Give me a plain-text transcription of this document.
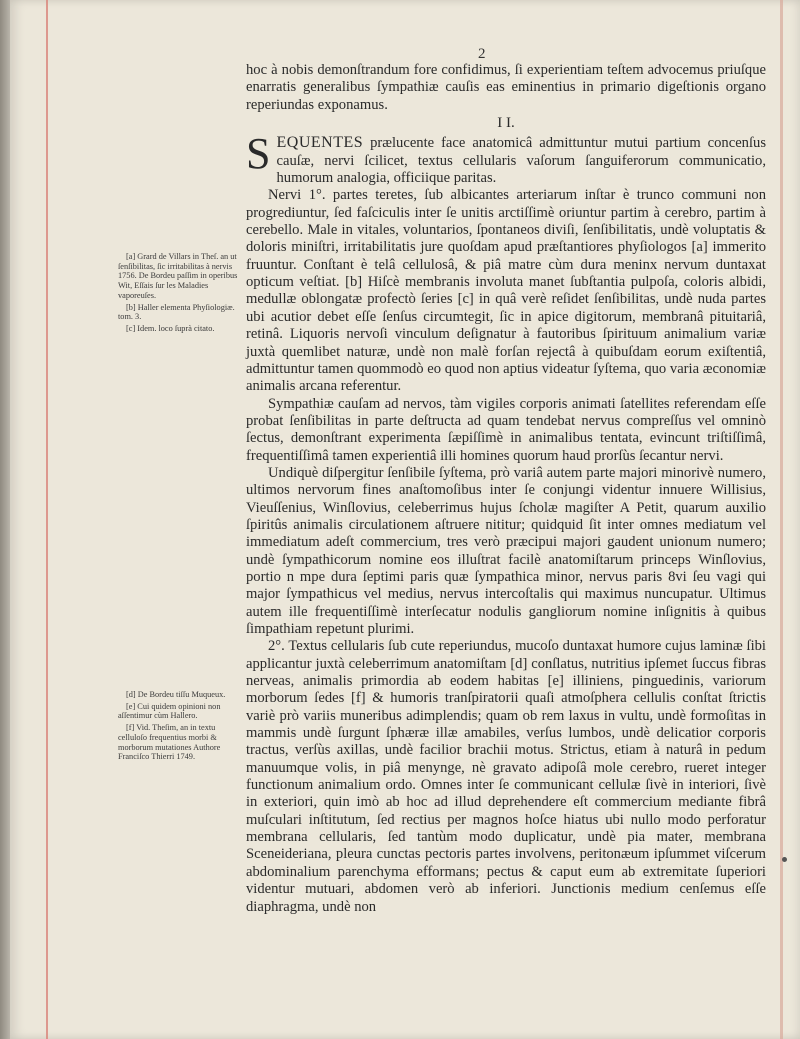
2

hoc à nobis demonſtrandum fore confidimus, ſi experientiam teſtem advocemus priuſque enarratis generalibus ſympathiæ cauſis eas eminentius in primario digeſtionis organo reperiundas exponamus.

I I.

SEQUENTES prælucente face anatomicâ admittuntur mutui partium concenſus cauſæ, nervi ſcilicet, textus cellularis vaſorum ſanguiferorum communicatio, humorum analogia, officiique paritas.

Nervi 1°. partes teretes, ſub albicantes arteriarum inſtar è trunco communi non progrediuntur, ſed faſciculis inter ſe unitis arctiſſimè oriuntur partim à cerebro, partim à cerebello. Male in vitales, voluntarios, ſpontaneos diviſi, ſenſibilitatis, undè voluptatis & doloris miniſtri, irritabilitatis jure quoſdam apud præſtantiores phyſiologos [a] immerito fruuntur. Conſtant è telâ cellulosâ, & piâ matre cùm dura meninx nervum duntaxat opticum veſtiat. [b] Hiſcè membranis involuta manet ſubſtantia pulpoſa, coloris albidi, medullæ oblongatæ profectò ſeries [c] in quâ verè reſidet ſenſibilitas, undè nuda partes ubi acutior debet eſſe ſenſus circumtegit, ſic in apice digitorum, membranâ pituitariâ, retinâ. Liquoris nervoſi vinculum deſignatur à fautoribus ſpirituum animalium variæ juxtà quemlibet naturæ, undè non malè forſan rejectâ à quibuſdam eorum exiſtentiâ, admittuntur tamen quommodò eo quod non aptius videatur ſyſtema, quo varia æconomiæ animalis arcana referentur.

Sympathiæ cauſam ad nervos, tàm vigiles corporis animati ſatellites referendam eſſe probat ſenſibilitas in parte deſtructa ad quam tendebat nervus compreſſus vel omninò ſectus, demonſtrant experimenta ſæpiſſimè in animalibus tentata, evincunt triſtiſſimâ, frequentiſſimâ tamen experientiâ illi homines quorum haud prorſùs ſecantur nervi.

Undiquè diſpergitur ſenſibile ſyſtema, prò variâ autem parte majori minorivè numero, ultimos nervorum fines anaſtomoſibus inter ſe conjungi videntur innuere Willisius, Vieuſſenius, Winſlovius, celeberrimus hujus ſcholæ magiſter A Petit, quarum auxilio ſpiritûs animalis circulationem aſtruere nititur; quidquid ſit inter omnes mediatum vel immediatum adeſt commercium, tres verò præcipui majori gaudent unionum numero; undè ſympathicorum nomine eos illuſtrat facilè anatomiſtarum princeps Winſlovius, portio n mpe dura ſeptimi paris quæ ſympathica minor, nervus paris 8vi ſeu vagi qui major ſympathicus vel medius, nervus intercoſtalis qui maximus nuncupatur. Ultimus autem ille frequentiſſimè interſecatur nodulis gangliorum nomine inſignitis à quibus ſimpathiam repetunt plurimi.

2°. Textus cellularis ſub cute reperiundus, mucoſo duntaxat humore cujus laminæ ſibi applicantur juxtà celeberrimum anatomiſtam [d] conſlatus, nutritius ipſemet ſuccus fibras nerveas, animalis primordia ab eodem habitas [e] illiniens, pinguedinis, variorum morborum ſedes [f] & humoris tranſpiratorii quaſi atmoſphera cellulis conſtat ſtrictis variè prò variis muneribus adimplendis; quam ob rem laxus in vultu, undè formoſitas in mammis undè ſurgunt ſphæræ illæ amabiles, verſus lumbos, undè delicatior corporis tractus, verſùs axillas, undè facilior brachii motus. Strictus, etiam à naturâ in pedum manuumque volis, in piâ menynge, nè gravato adipoſâ mole cerebro, rueret integer functionum animalium ordo. Omnes inter ſe communicant cellulæ ſivè in interiori, ſivè in exteriori, quin imò ab hoc ad illud deprehendere eſt commercium mediante fibrâ muſculari inſtitutum, ſed rectius per magnos hoſce hiatus ubi nullo modo perforatur membrana cellularis, ſed tantùm modo duplicatur, undè pia mater, membrana Sceneideriana, pleura cunctas pectoris partes involvens, peritonæum ipſummet viſcerum abdominalium parenchyma efformans; pectus & caput eum ab extremitate ſuperiori videntur mutuari, abdomen verò ab inferiori. Junctionis medium cenſemus eſſe diaphragma, undè non

[a] Grard de Villars in Theſ. an ut ſenſibilitas, ſic irritabilitas à nervis 1756. De Bordeu paſſim in operibus Wit, Eſſais ſur les Maladies vaporeuſes.

[b] Haller elementa Phyſiologiæ. tom. 3.

[c] Idem. loco ſuprà citato.

[d] De Bordeu tiſſu Muqueux.

[e] Cui quidem opinioni non aſſentimur cùm Hallero.

[f] Vid. Theſim, an in textu celluloſo frequentius morbi & morborum mutationes Authore Franciſco Thierri 1749.
